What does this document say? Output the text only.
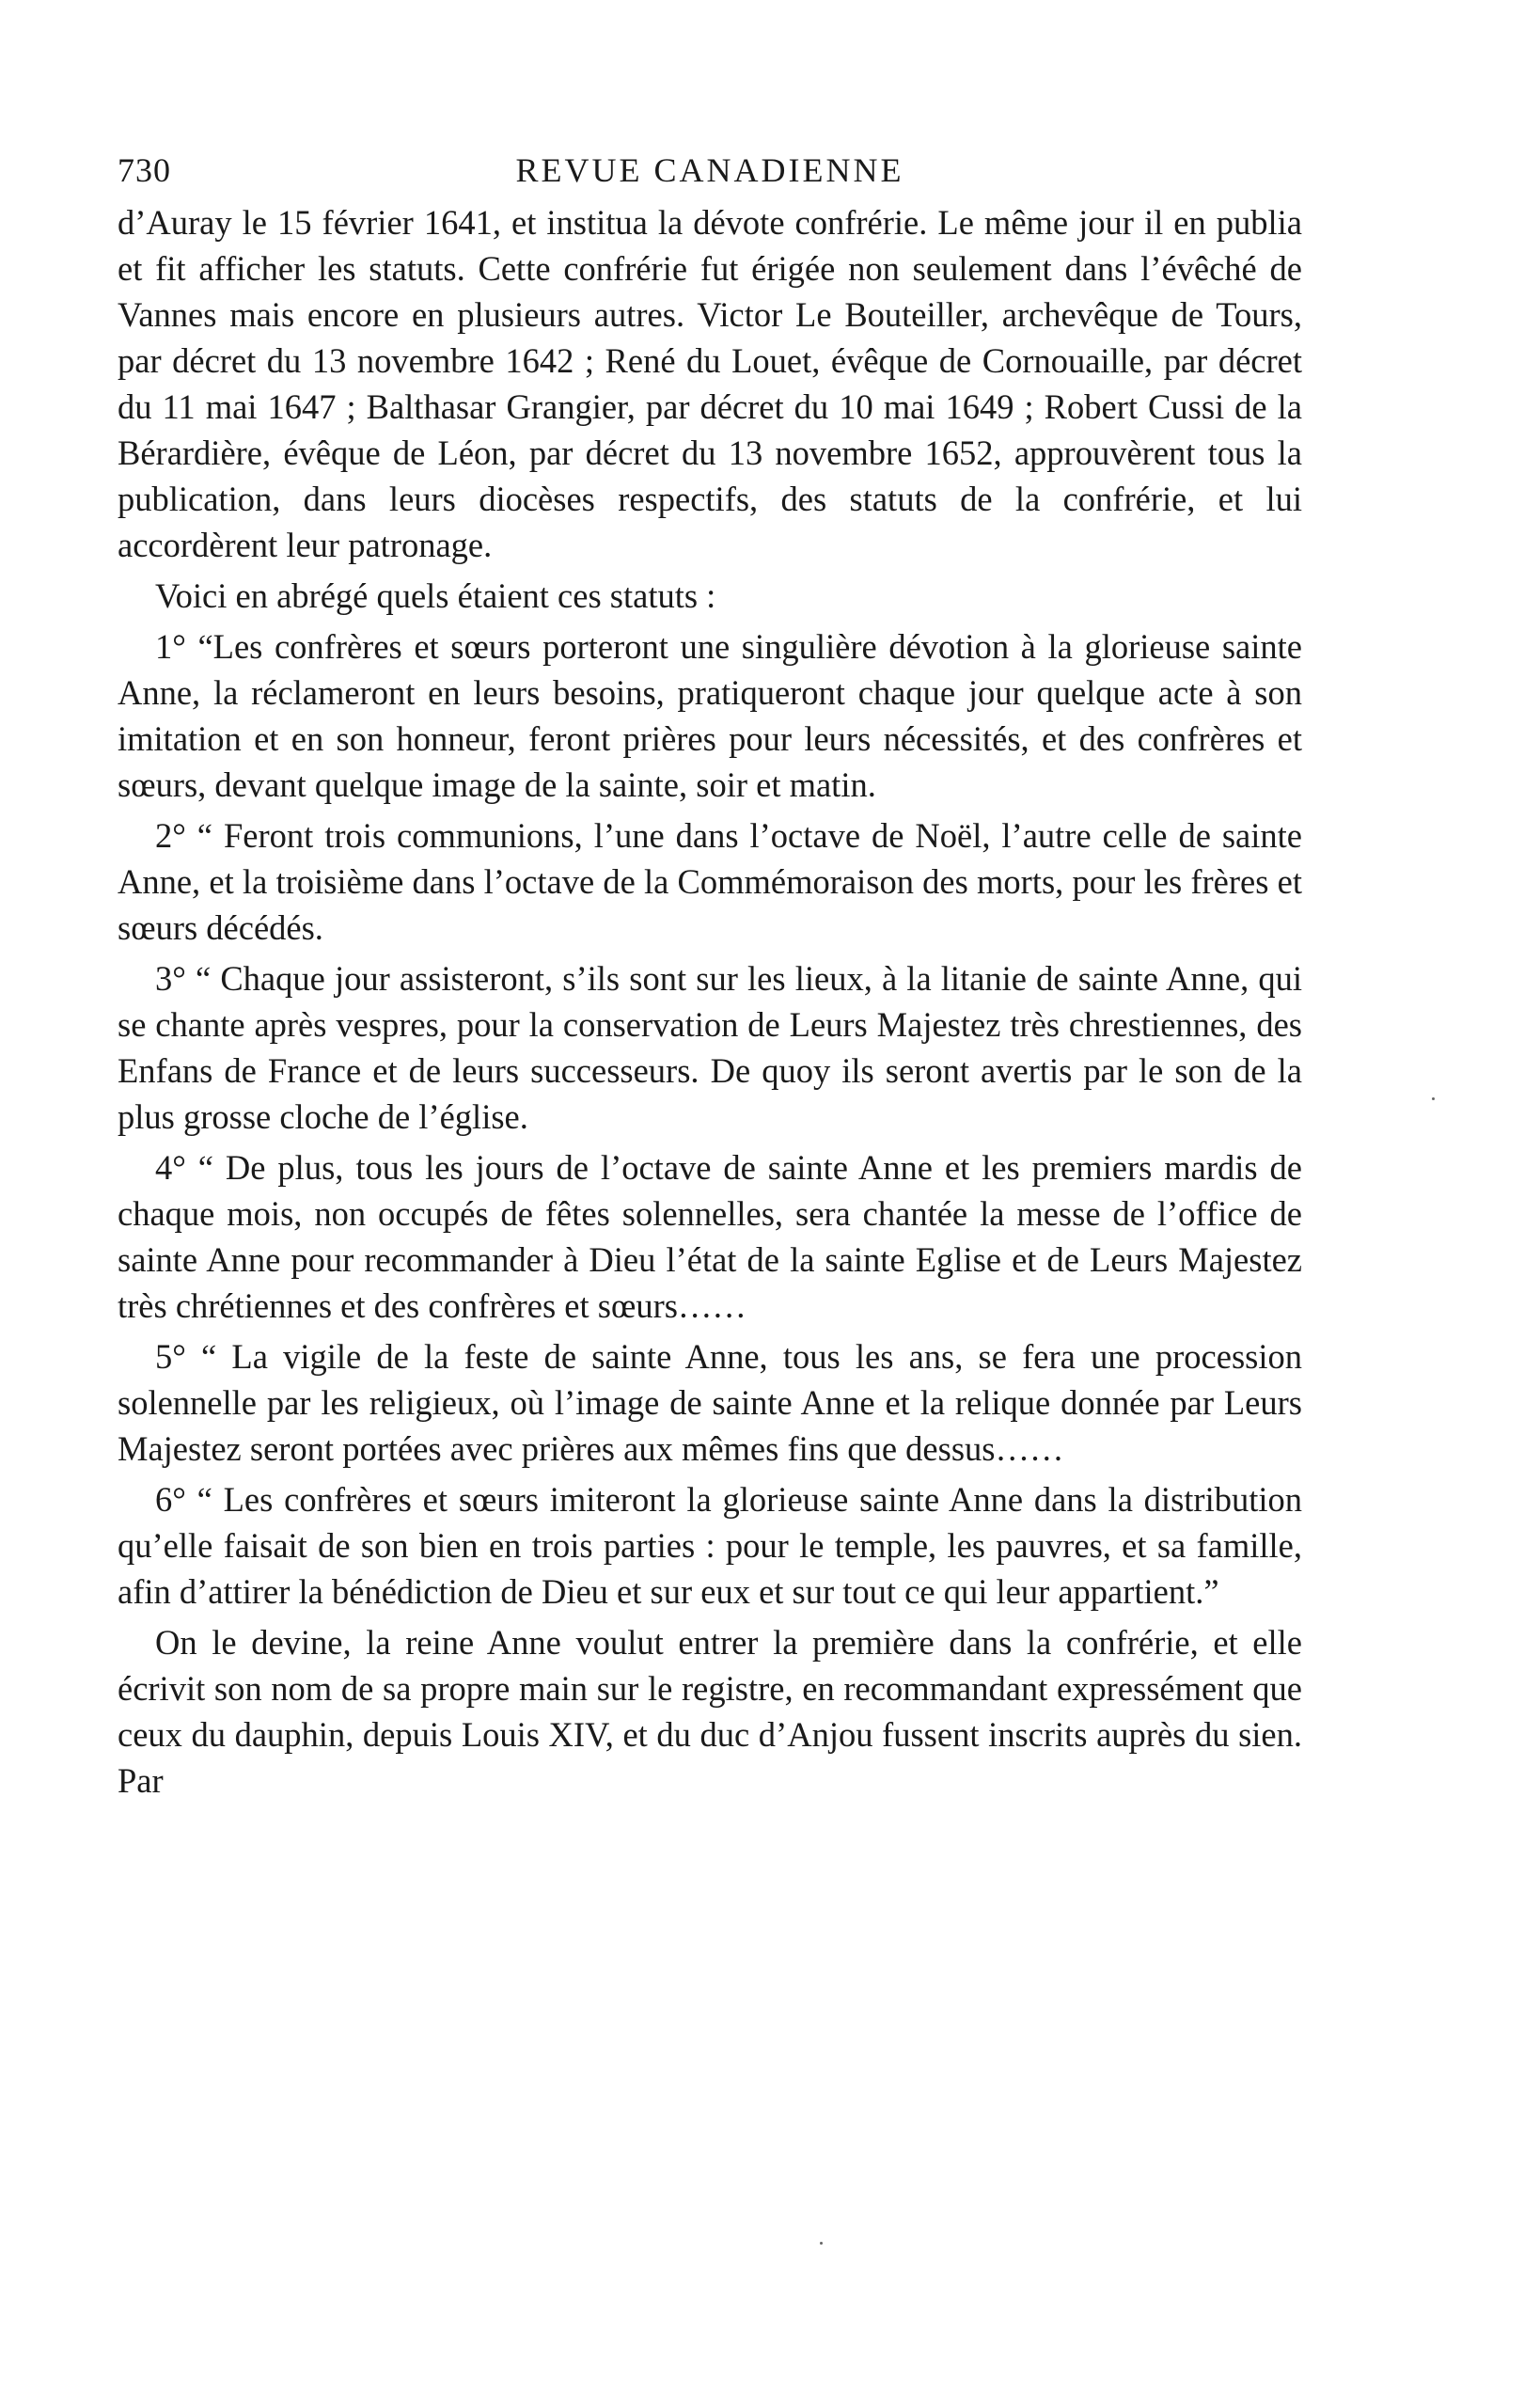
730	REVUE CANADIENNE

d’Auray le 15 février 1641, et institua la dévote confrérie. Le même jour il en publia et fit afficher les statuts. Cette confrérie fut érigée non seulement dans l’évêché de Vannes mais encore en plusieurs autres. Victor Le Bouteiller, archevêque de Tours, par décret du 13 novembre 1642 ; René du Louet, évêque de Cornouaille, par décret du 11 mai 1647 ; Balthasar Grangier, par décret du 10 mai 1649 ; Robert Cussi de la Bérardière, évêque de Léon, par décret du 13 novembre 1652, approuvèrent tous la publication, dans leurs diocèses respectifs, des statuts de la confrérie, et lui accordèrent leur patronage.

Voici en abrégé quels étaient ces statuts :

1° “Les confrères et sœurs porteront une singulière dévotion à la glorieuse sainte Anne, la réclameront en leurs besoins, pratiqueront chaque jour quelque acte à son imitation et en son honneur, feront prières pour leurs nécessités, et des confrères et sœurs, devant quelque image de la sainte, soir et matin.

2° “ Feront trois communions, l’une dans l’octave de Noël, l’autre celle de sainte Anne, et la troisième dans l’octave de la Commémoraison des morts, pour les frères et sœurs décédés.

3° “ Chaque jour assisteront, s’ils sont sur les lieux, à la litanie de sainte Anne, qui se chante après vespres, pour la conservation de Leurs Majestez très chrestiennes, des Enfans de France et de leurs successeurs. De quoy ils seront avertis par le son de la plus grosse cloche de l’église.

4° “ De plus, tous les jours de l’octave de sainte Anne et les premiers mardis de chaque mois, non occupés de fêtes solennelles, sera chantée la messe de l’office de sainte Anne pour recommander à Dieu l’état de la sainte Eglise et de Leurs Majestez très chrétiennes et des confrères et sœurs……

5° “ La vigile de la feste de sainte Anne, tous les ans, se fera une procession solennelle par les religieux, où l’image de sainte Anne et la relique donnée par Leurs Majestez seront portées avec prières aux mêmes fins que dessus……

6° “ Les confrères et sœurs imiteront la glorieuse sainte Anne dans la distribution qu’elle faisait de son bien en trois parties : pour le temple, les pauvres, et sa famille, afin d’attirer la bénédiction de Dieu et sur eux et sur tout ce qui leur appartient.”

On le devine, la reine Anne voulut entrer la première dans la confrérie, et elle écrivit son nom de sa propre main sur le registre, en recommandant expressément que ceux du dauphin, depuis Louis XIV, et du duc d’Anjou fussent inscrits auprès du sien. Par
